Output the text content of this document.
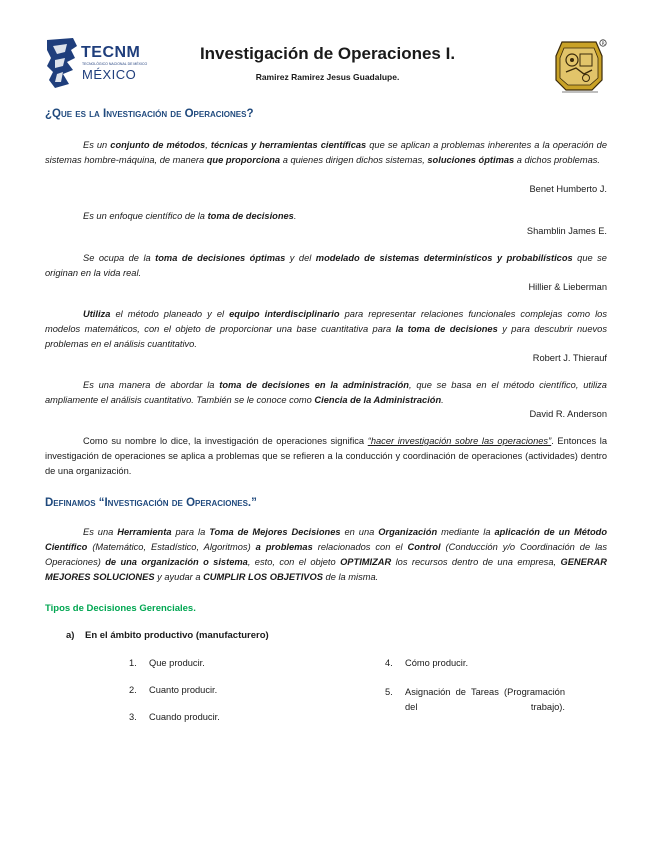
TECNM
TECNOLÓGICO NACIONAL DE MÉXICO
MÉXICO
Investigación de Operaciones I.
Ramirez Ramirez Jesus Guadalupe.
R
¿Que es la Investigación de Operaciones?
Es un conjunto de métodos, técnicas y herramientas científicas que se aplican a problemas inherentes a la operación de sistemas hombre-máquina, de manera que proporciona a quienes dirigen dichos sistemas, soluciones óptimas a dichos problemas.
Benet Humberto J.
Es un enfoque científico de la toma de decisiones.
Shamblin James E.
Se ocupa de la toma de decisiones óptimas y del modelado de sistemas determinísticos y probabilísticos que se originan en la vida real.
Hillier & Lieberman
Utiliza el método planeado y el equipo interdisciplinario para representar relaciones funcionales complejas como los modelos matemáticos, con el objeto de proporcionar una base cuantitativa para la toma de decisiones y para descubrir nuevos problemas en el análisis cuantitativo.
Robert J. Thierauf
Es una manera de abordar la toma de decisiones en la administración, que se basa en el método científico, utiliza ampliamente el análisis cuantitativo. También se le conoce como Ciencia de la Administración.
David R. Anderson
Como su nombre lo dice, la investigación de operaciones significa “hacer investigación sobre las operaciones”. Entonces la investigación de operaciones se aplica a problemas que se refieren a la conducción y coordinación de operaciones (actividades) dentro de una organización.
Definamos “Investigación de Operaciones.”
Es una Herramienta para la Toma de Mejores Decisiones en una Organización mediante la aplicación de un Método Científico (Matemático, Estadístico, Algoritmos) a problemas relacionados con el Control (Conducción y/o Coordinación de las Operaciones) de una organización o sistema, esto, con el objeto OPTIMIZAR los recursos dentro de una empresa, GENERAR MEJORES SOLUCIONES y ayudar a CUMPLIR LOS OBJETIVOS de la misma.
Tipos de Decisiones Gerenciales.
a) En el ámbito productivo (manufacturero)
1. Que producir.
2. Cuanto producir.
3. Cuando producir.
4. Cómo producir.
5.	Asignación de Tareas (Programación del trabajo).
